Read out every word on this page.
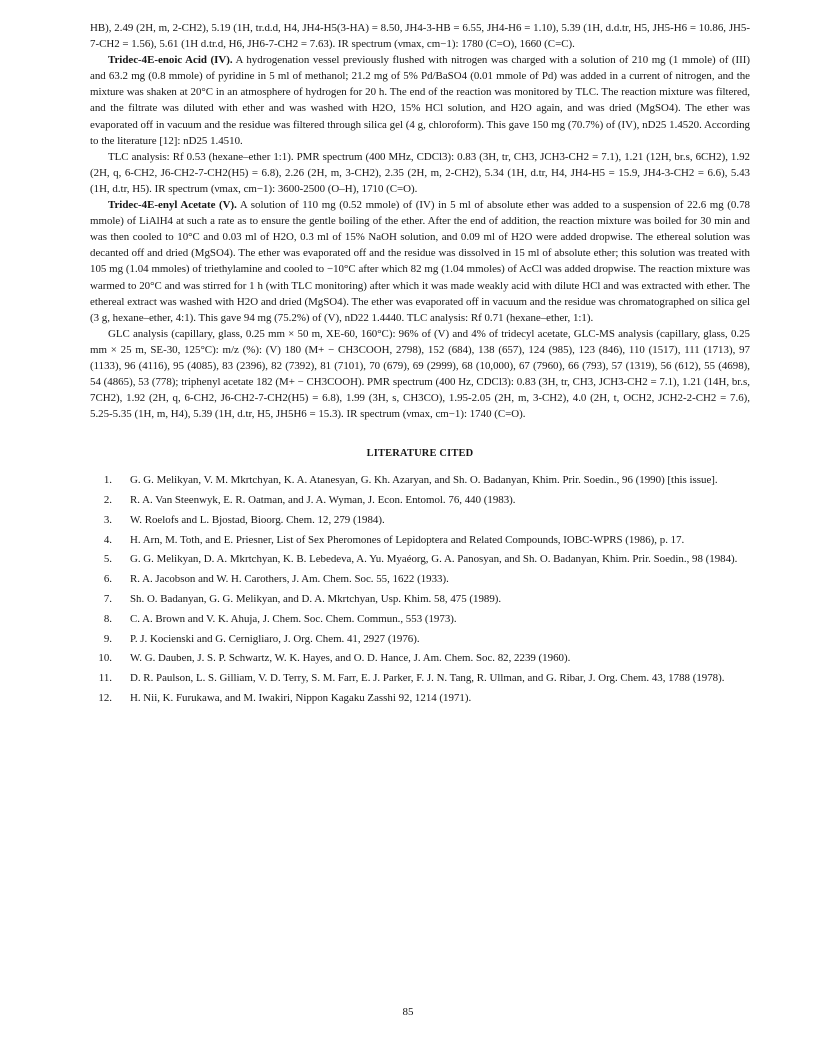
HB), 2.49 (2H, m, 2-CH2), 5.19 (1H, tr.d.d, H4, JH4-H5(3-HA) = 8.50, JH4-3-HB = 6.55, JH4-H6 = 1.10), 5.39 (1H, d.d.tr, H5, JH5-H6 = 10.86, JH5-7-CH2 = 1.56), 5.61 (1H d.tr.d, H6, JH6-7-CH2 = 7.63). IR spectrum (νmax, cm−1): 1780 (C=O), 1660 (C=C).

Tridec-4E-enoic Acid (IV). A hydrogenation vessel previously flushed with nitrogen was charged with a solution of 210 mg (1 mmole) of (III) and 63.2 mg (0.8 mmole) of pyridine in 5 ml of methanol; 21.2 mg of 5% Pd/BaSO4 (0.01 mmole of Pd) was added in a current of nitrogen, and the mixture was shaken at 20°C in an atmosphere of hydrogen for 20 h. The end of the reaction was monitored by TLC. The reaction mixture was filtered, and the filtrate was diluted with ether and was washed with H2O, 15% HCl solution, and H2O again, and was dried (MgSO4). The ether was evaporated off in vacuum and the residue was filtered through silica gel (4 g, chloroform). This gave 150 mg (70.7%) of (IV), nD25 1.4520. According to the literature [12]: nD25 1.4510.

TLC analysis: Rf 0.53 (hexane–ether 1:1). PMR spectrum (400 MHz, CDCl3): 0.83 (3H, tr, CH3, JCH3-CH2 = 7.1), 1.21 (12H, br.s, 6CH2), 1.92 (2H, q, 6-CH2, J6-CH2-7-CH2(H5) = 6.8), 2.26 (2H, m, 3-CH2), 2.35 (2H, m, 2-CH2), 5.34 (1H, d.tr, H4, JH4-H5 = 15.9, JH4-3-CH2 = 6.6), 5.43 (1H, d.tr, H5). IR spectrum (νmax, cm−1): 3600-2500 (O–H), 1710 (C=O).

Tridec-4E-enyl Acetate (V). A solution of 110 mg (0.52 mmole) of (IV) in 5 ml of absolute ether was added to a suspension of 22.6 mg (0.78 mmole) of LiAlH4 at such a rate as to ensure the gentle boiling of the ether. After the end of addition, the reaction mixture was boiled for 30 min and was then cooled to 10°C and 0.03 ml of H2O, 0.3 ml of 15% NaOH solution, and 0.09 ml of H2O were added dropwise. The ethereal solution was decanted off and dried (MgSO4). The ether was evaporated off and the residue was dissolved in 15 ml of absolute ether; this solution was treated with 105 mg (1.04 mmoles) of triethylamine and cooled to −10°C after which 82 mg (1.04 mmoles) of AcCl was added dropwise. The reaction mixture was warmed to 20°C and was stirred for 1 h (with TLC monitoring) after which it was made weakly acid with dilute HCl and was extracted with ether. The ethereal extract was washed with H2O and dried (MgSO4). The ether was evaporated off in vacuum and the residue was chromatographed on silica gel (3 g, hexane–ether, 4:1). This gave 94 mg (75.2%) of (V), nD22 1.4440. TLC analysis: Rf 0.71 (hexane–ether, 1:1).

GLC analysis (capillary, glass, 0.25 mm × 50 m, XE-60, 160°C): 96% of (V) and 4% of tridecyl acetate, GLC-MS analysis (capillary, glass, 0.25 mm × 25 m, SE-30, 125°C): m/z (%): (V) 180 (M+ − CH3COOH, 2798), 152 (684), 138 (657), 124 (985), 123 (846), 110 (1517), 111 (1713), 97 (1133), 96 (4116), 95 (4085), 83 (2396), 82 (7392), 81 (7101), 70 (679), 69 (2999), 68 (10,000), 67 (7960), 66 (793), 57 (1319), 56 (612), 55 (4698), 54 (4865), 53 (778); triphenyl acetate 182 (M+ − CH3COOH). PMR spectrum (400 Hz, CDCl3): 0.83 (3H, tr, CH3, JCH3-CH2 = 7.1), 1.21 (14H, br.s, 7CH2), 1.92 (2H, q, 6-CH2, J6-CH2-7-CH2(H5) = 6.8), 1.99 (3H, s, CH3CO), 1.95-2.05 (2H, m, 3-CH2), 4.0 (2H, t, OCH2, JCH2-2-CH2 = 7.6), 5.25-5.35 (1H, m, H4), 5.39 (1H, d.tr, H5, JH5H6 = 15.3). IR spectrum (νmax, cm−1): 1740 (C=O).

LITERATURE CITED
1. G. G. Melikyan, V. M. Mkrtchyan, K. A. Atanesyan, G. Kh. Azaryan, and Sh. O. Badanyan, Khim. Prir. Soedin., 96 (1990) [this issue].
2. R. A. Van Steenwyk, E. R. Oatman, and J. A. Wyman, J. Econ. Entomol. 76, 440 (1983).
3. W. Roelofs and L. Bjostad, Bioorg. Chem. 12, 279 (1984).
4. H. Arn, M. Toth, and E. Priesner, List of Sex Pheromones of Lepidoptera and Related Compounds, IOBC-WPRS (1986), p. 17.
5. G. G. Melikyan, D. A. Mkrtchyan, K. B. Lebedeva, A. Yu. Myaéorg, G. A. Panosyan, and Sh. O. Badanyan, Khim. Prir. Soedin., 98 (1984).
6. R. A. Jacobson and W. H. Carothers, J. Am. Chem. Soc. 55, 1622 (1933).
7. Sh. O. Badanyan, G. G. Melikyan, and D. A. Mkrtchyan, Usp. Khim. 58, 475 (1989).
8. C. A. Brown and V. K. Ahuja, J. Chem. Soc. Chem. Commun., 553 (1973).
9. P. J. Kocienski and G. Cernigliaro, J. Org. Chem. 41, 2927 (1976).
10. W. G. Dauben, J. S. P. Schwartz, W. K. Hayes, and O. D. Hance, J. Am. Chem. Soc. 82, 2239 (1960).
11. D. R. Paulson, L. S. Gilliam, V. D. Terry, S. M. Farr, E. J. Parker, F. J. N. Tang, R. Ullman, and G. Ribar, J. Org. Chem. 43, 1788 (1978).
12. H. Nii, K. Furukawa, and M. Iwakiri, Nippon Kagaku Zasshi 92, 1214 (1971).
85
